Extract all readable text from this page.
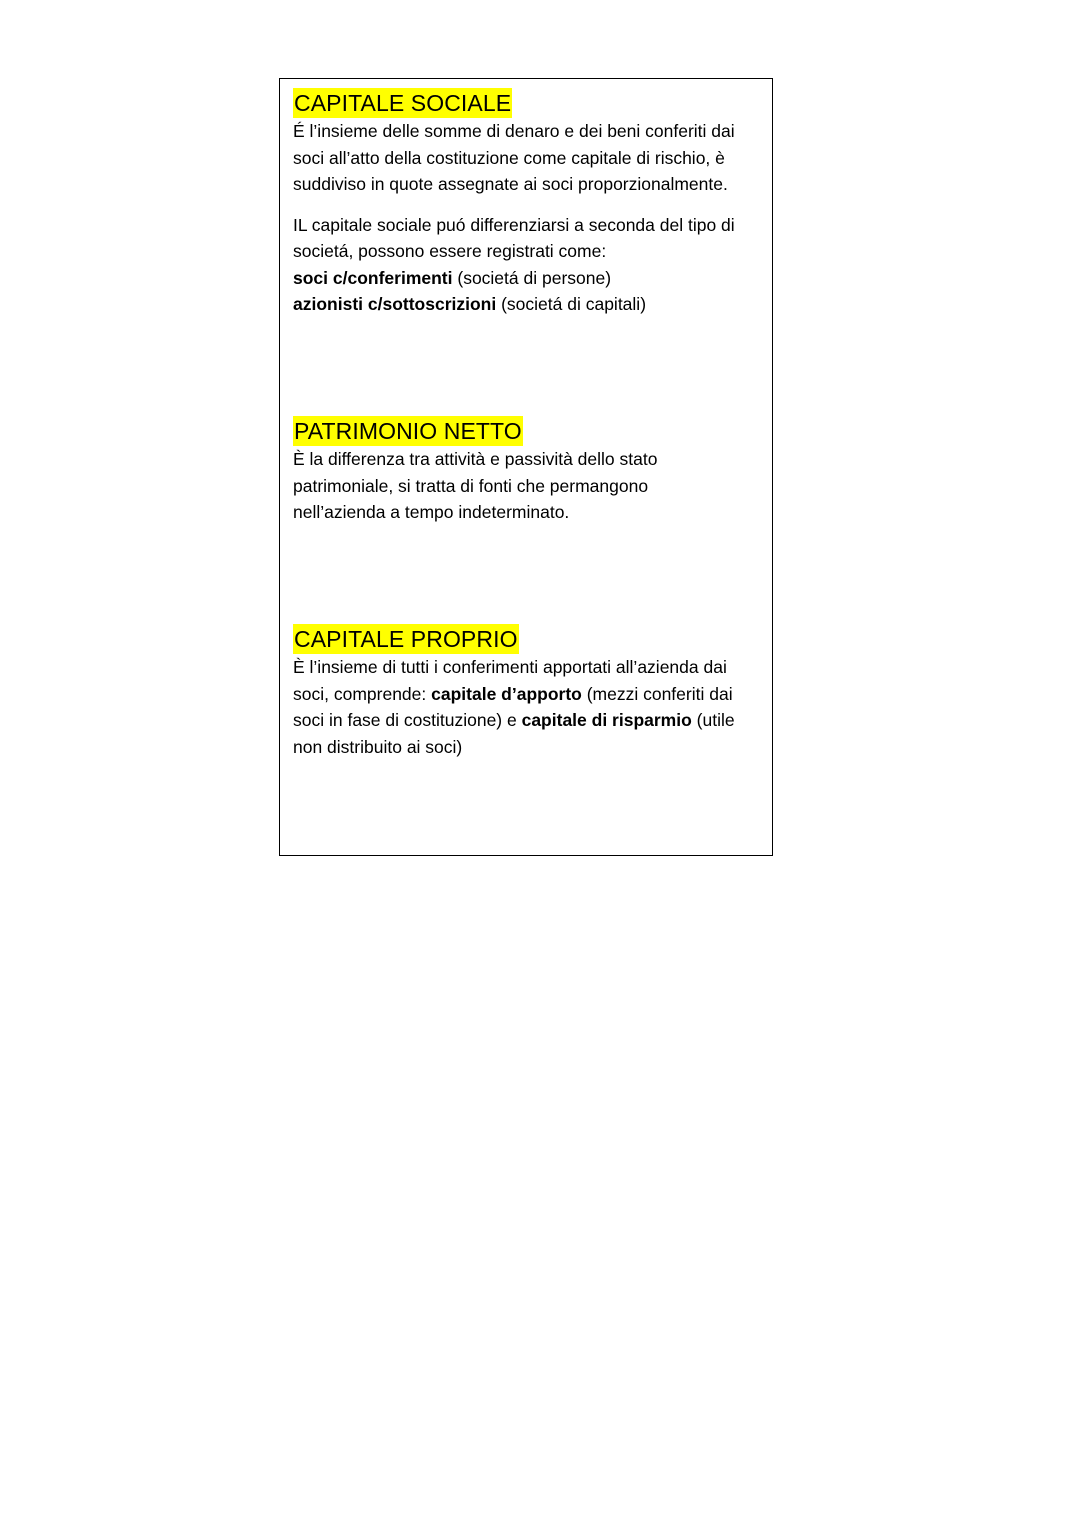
CAPITALE SOCIALE

É l’insieme delle somme di denaro e dei beni conferiti dai
soci all’atto della costituzione come capitale di rischio, è
suddiviso in quote assegnate ai soci proporzionalmente.

IL capitale sociale puó differenziarsi a seconda del tipo di
societá, possono essere registrati come:
soci c/conferimenti (societá di persone)
azionisti c/sottoscrizioni (societá di capitali)

PATRIMONIO NETTO

È la differenza tra attività e passività dello stato
patrimoniale, si tratta di fonti che permangono
nell’azienda a tempo indeterminato.

CAPITALE PROPRIO

È l’insieme di tutti i conferimenti apportati all’azienda dai
soci, comprende: capitale d’apporto (mezzi conferiti dai
soci in fase di costituzione) e capitale di risparmio (utile
non distribuito ai soci)
